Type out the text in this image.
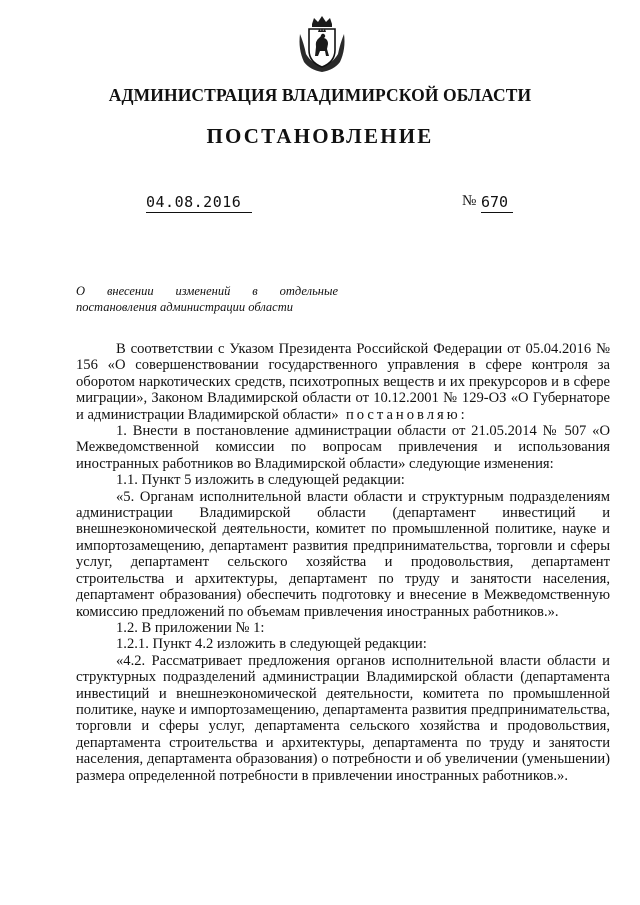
АДМИНИСТРАЦИЯ ВЛАДИМИРСКОЙ ОБЛАСТИ
ПОСТАНОВЛЕНИЕ
04.08.2016	№ 670
О внесении изменений в отдельные постановления администрации области

В соответствии с Указом Президента Российской Федерации от 05.04.2016 № 156 «О совершенствовании государственного управления в сфере контроля за оборотом наркотических средств, психотропных веществ и их прекурсоров и в сфере миграции», Законом Владимирской области от 10.12.2001 № 129-ОЗ «О Губернаторе и администрации Владимирской области» постановляю:

1. Внести в постановление администрации области от 21.05.2014 № 507 «О Межведомственной комиссии по вопросам привлечения и использования иностранных работников во Владимирской области» следующие изменения:

1.1. Пункт 5 изложить в следующей редакции:

«5. Органам исполнительной власти области и структурным подразделениям администрации Владимирской области (департамент инвестиций и внешнеэкономической деятельности, комитет по промышленной политике, науке и импортозамещению, департамент развития предпринимательства, торговли и сферы услуг, департамент сельского хозяйства и продовольствия, департамент строительства и архитектуры, департамент по труду и занятости населения, департамент образования) обеспечить подготовку и внесение в Межведомственную комиссию предложений по объемам привлечения иностранных работников.».

1.2. В приложении № 1:

1.2.1. Пункт 4.2 изложить в следующей редакции:

«4.2. Рассматривает предложения органов исполнительной власти области и структурных подразделений администрации Владимирской области (департамента инвестиций и внешнеэкономической деятельности, комитета по промышленной политике, науке и импортозамещению, департамента развития предпринимательства, торговли и сферы услуг, департамента сельского хозяйства и продовольствия, департамента строительства и архитектуры, департамента по труду и занятости населения, департамента образования) о потребности и об увеличении (уменьшении) размера определенной потребности в привлечении иностранных работников.».
